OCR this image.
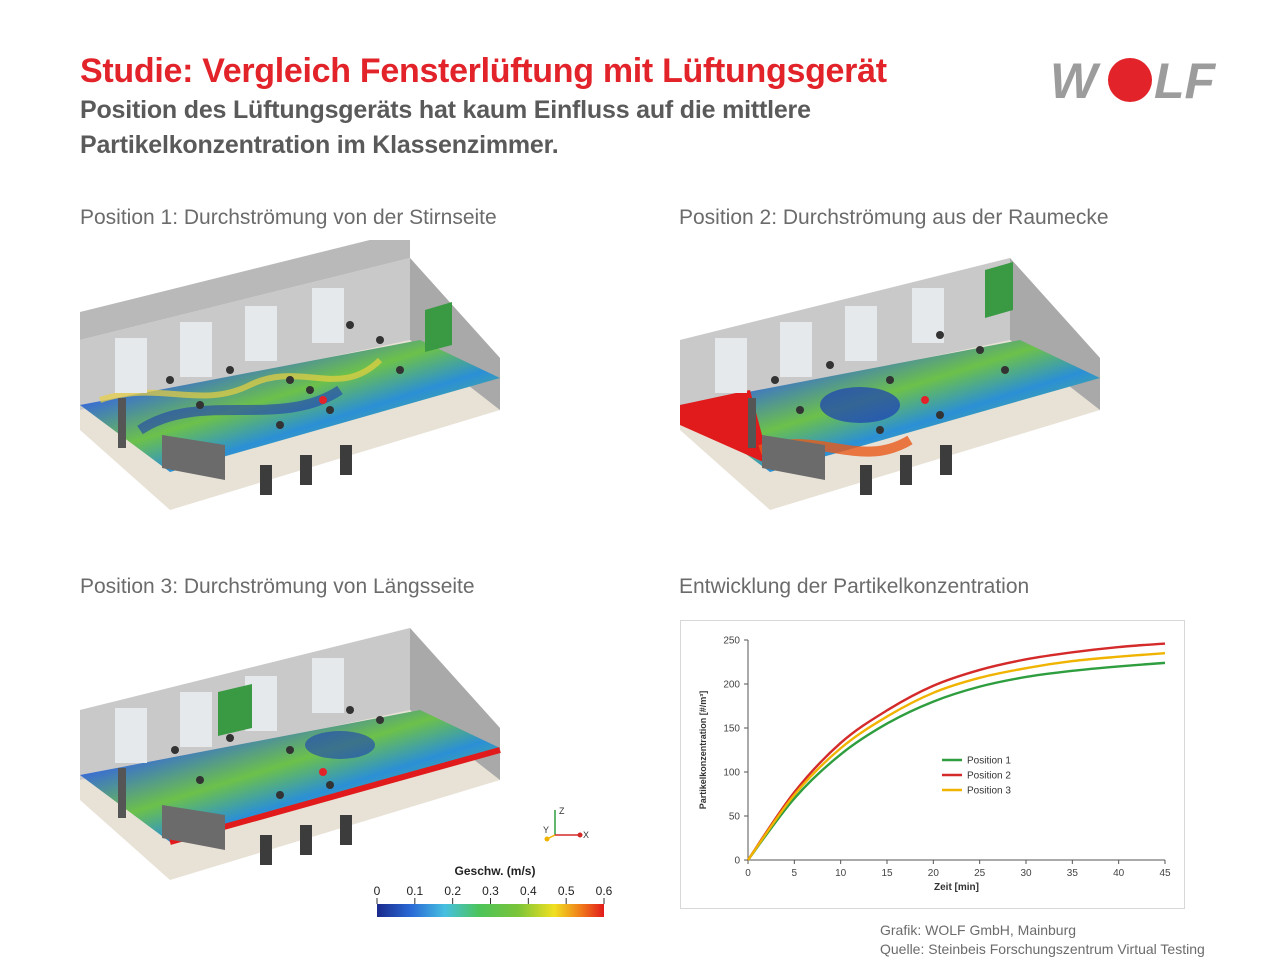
Studie: Vergleich Fensterlüftung mit Lüftungsgerät
Position des Lüftungsgeräts hat kaum Einfluss auf die mittlere Partikelkonzentration im Klassenzimmer.
W LF
Position 1: Durchströmung von der Stirnseite	Position 2: Durchströmung aus der Raumecke
Position 3: Durchströmung von Längsseite	Entwicklung der Partikelkonzentration
Z
Y	X
Geschw. (m/s)
0 0.1 0.2 0.3 0.4 0.5 0.6
0
50
100
150
200
250
0	5	10	15	20	25	30	35	40	45
Zeit [min]
Partikelkonzentration [#/m³]	Position 1
Position 2
Position 3
Grafik: WOLF GmbH, Mainburg
Quelle: Steinbeis Forschungszentrum Virtual Testing
